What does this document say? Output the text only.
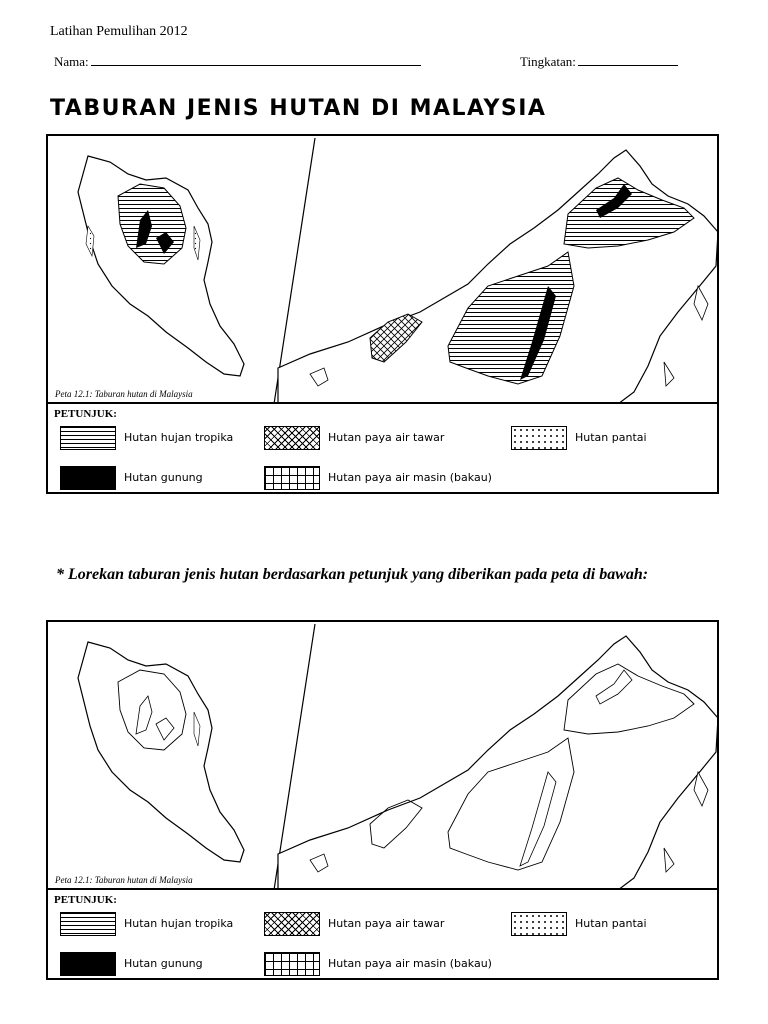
Latihan Pemulihan 2012
Nama:	Tingkatan:
TABURAN JENIS HUTAN DI MALAYSIA
Peta 12.1: Taburan hutan di Malaysia
PETUNJUK:
Hutan hujan tropika	Hutan paya air tawar	Hutan pantai
Hutan gunung	Hutan paya air masin (bakau)
* Lorekan taburan jenis hutan berdasarkan petunjuk yang diberikan pada peta di bawah:
Peta 12.1: Taburan hutan di Malaysia
PETUNJUK:
Hutan hujan tropika	Hutan paya air tawar	Hutan pantai
Hutan gunung	Hutan paya air masin (bakau)
